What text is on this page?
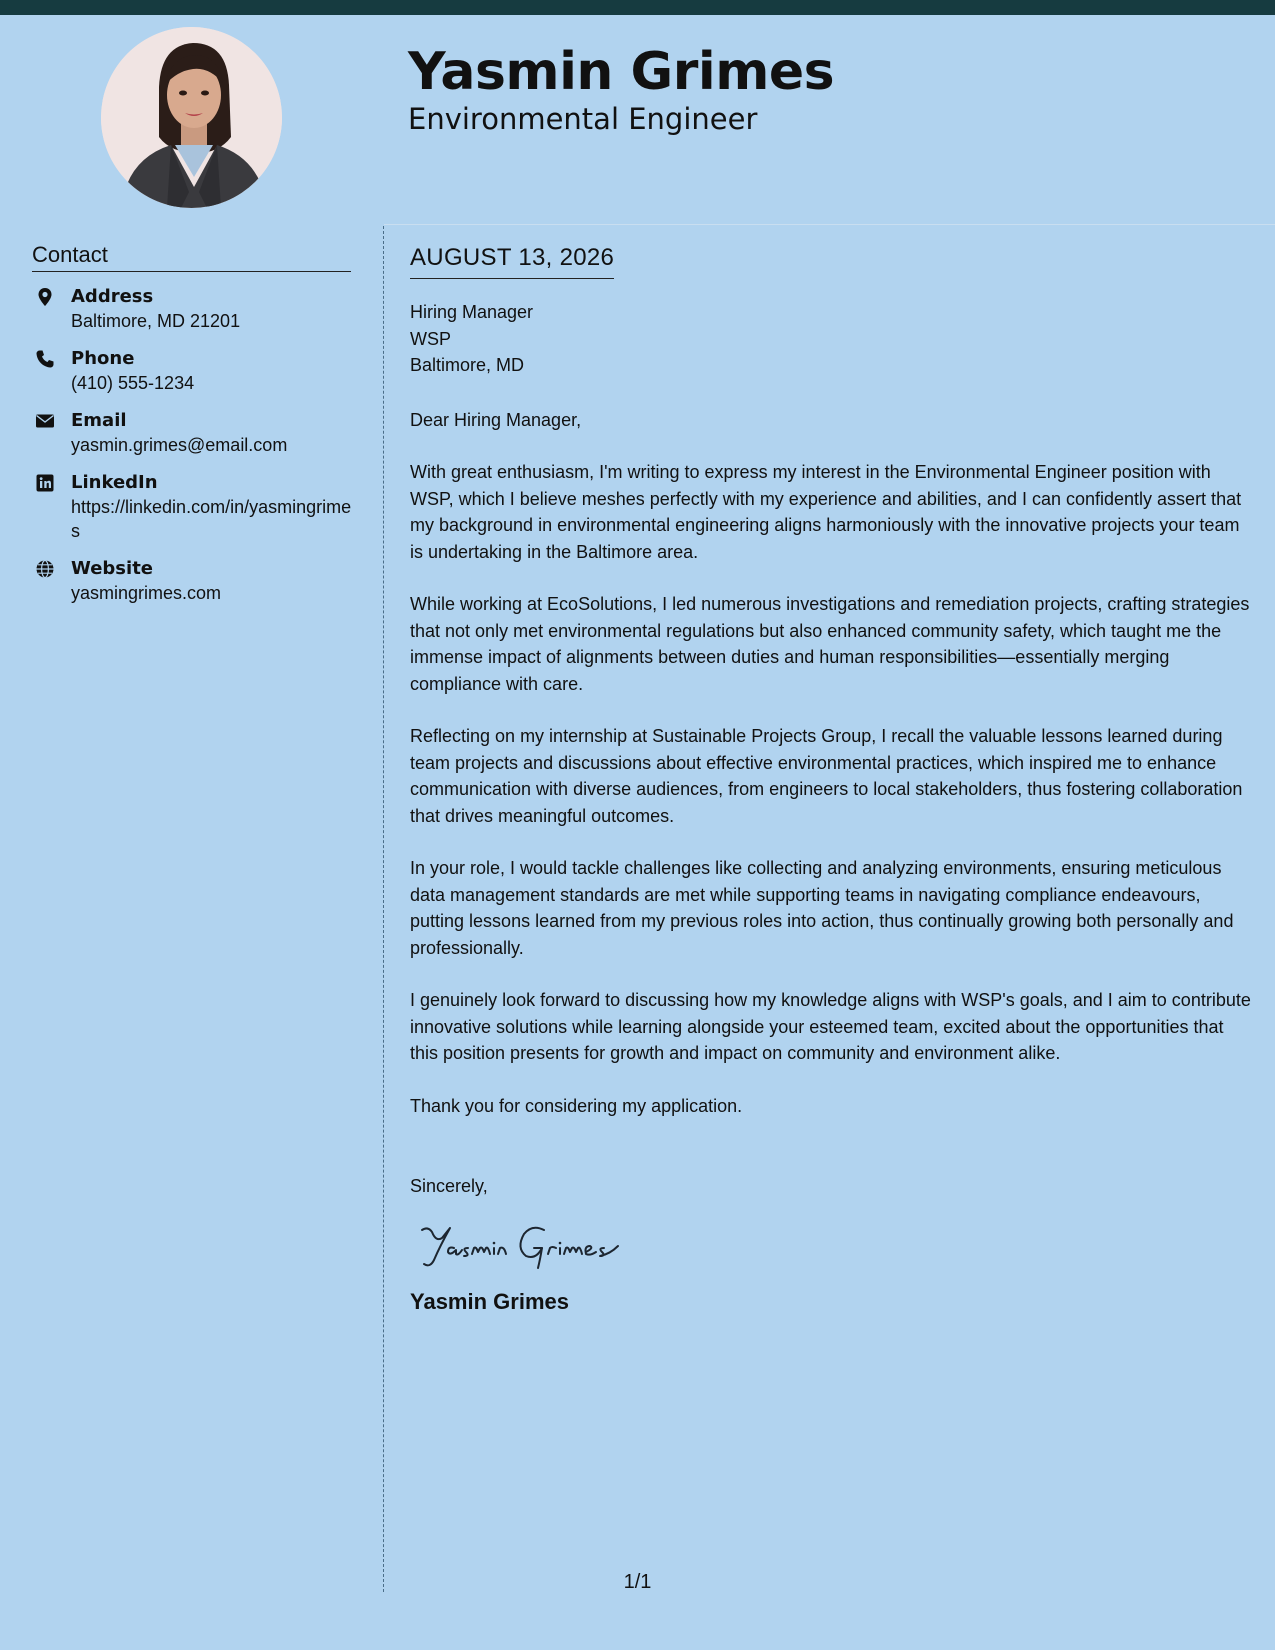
Yasmin Grimes
Environmental Engineer
Contact
Address
Baltimore, MD 21201
Phone
(410) 555-1234
Email
yasmin.grimes@email.com
LinkedIn
https://linkedin.com/in/yasmingrimes
Website
yasmingrimes.com
AUGUST 13, 2026

Hiring Manager

WSP

Baltimore, MD

Dear Hiring Manager,

With great enthusiasm, I'm writing to express my interest in the Environmental Engineer position with WSP, which I believe meshes perfectly with my experience and abilities, and I can confidently assert that my background in environmental engineering aligns harmoniously with the innovative projects your team is undertaking in the Baltimore area.

While working at EcoSolutions, I led numerous investigations and remediation projects, crafting strategies that not only met environmental regulations but also enhanced community safety, which taught me the immense impact of alignments between duties and human responsibilities—essentially merging compliance with care.

Reflecting on my internship at Sustainable Projects Group, I recall the valuable lessons learned during team projects and discussions about effective environmental practices, which inspired me to enhance communication with diverse audiences, from engineers to local stakeholders, thus fostering collaboration that drives meaningful outcomes.

In your role, I would tackle challenges like collecting and analyzing environments, ensuring meticulous data management standards are met while supporting teams in navigating compliance endeavours, putting lessons learned from my previous roles into action, thus continually growing both personally and professionally.

I genuinely look forward to discussing how my knowledge aligns with WSP's goals, and I aim to contribute innovative solutions while learning alongside your esteemed team, excited about the opportunities that this position presents for growth and impact on community and environment alike.

Thank you for considering my application.

Sincerely,

Yasmin Grimes
1/1
